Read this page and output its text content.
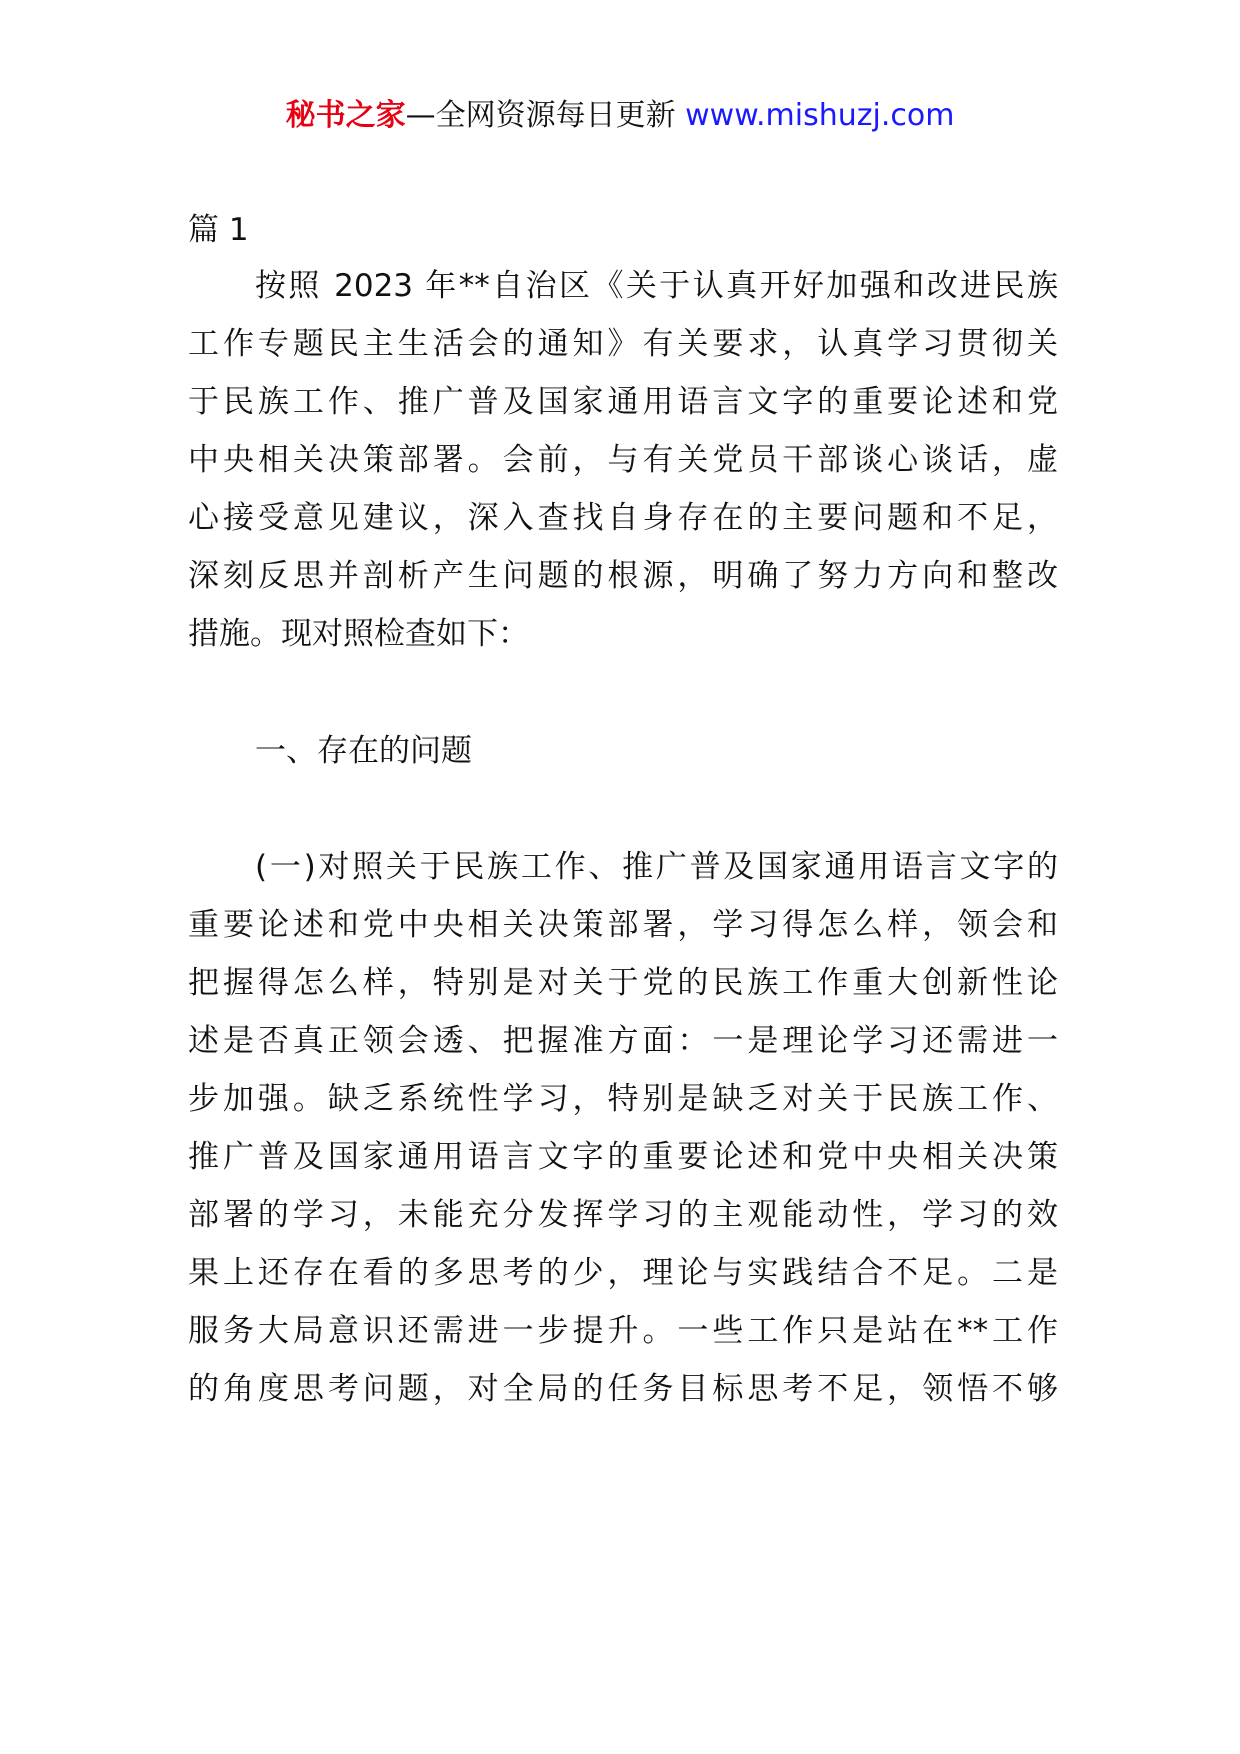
秘书之家—全网资源每日更新 www.mishuzj.com
篇 1
按照 2023 年**自治区《关于认真开好加强和改进民族
工作专题民主生活会的通知》有关要求，认真学习贯彻关
于民族工作、推广普及国家通用语言文字的重要论述和党
中央相关决策部署。会前，与有关党员干部谈心谈话，虚
心接受意见建议，深入查找自身存在的主要问题和不足，
深刻反思并剖析产生问题的根源，明确了努力方向和整改
措施。现对照检查如下：
一、存在的问题
(一)对照关于民族工作、推广普及国家通用语言文字的
重要论述和党中央相关决策部署，学习得怎么样，领会和
把握得怎么样，特别是对关于党的民族工作重大创新性论
述是否真正领会透、把握准方面：一是理论学习还需进一
步加强。缺乏系统性学习，特别是缺乏对关于民族工作、
推广普及国家通用语言文字的重要论述和党中央相关决策
部署的学习，未能充分发挥学习的主观能动性，学习的效
果上还存在看的多思考的少，理论与实践结合不足。二是
服务大局意识还需进一步提升。一些工作只是站在**工作
的角度思考问题，对全局的任务目标思考不足，领悟不够
